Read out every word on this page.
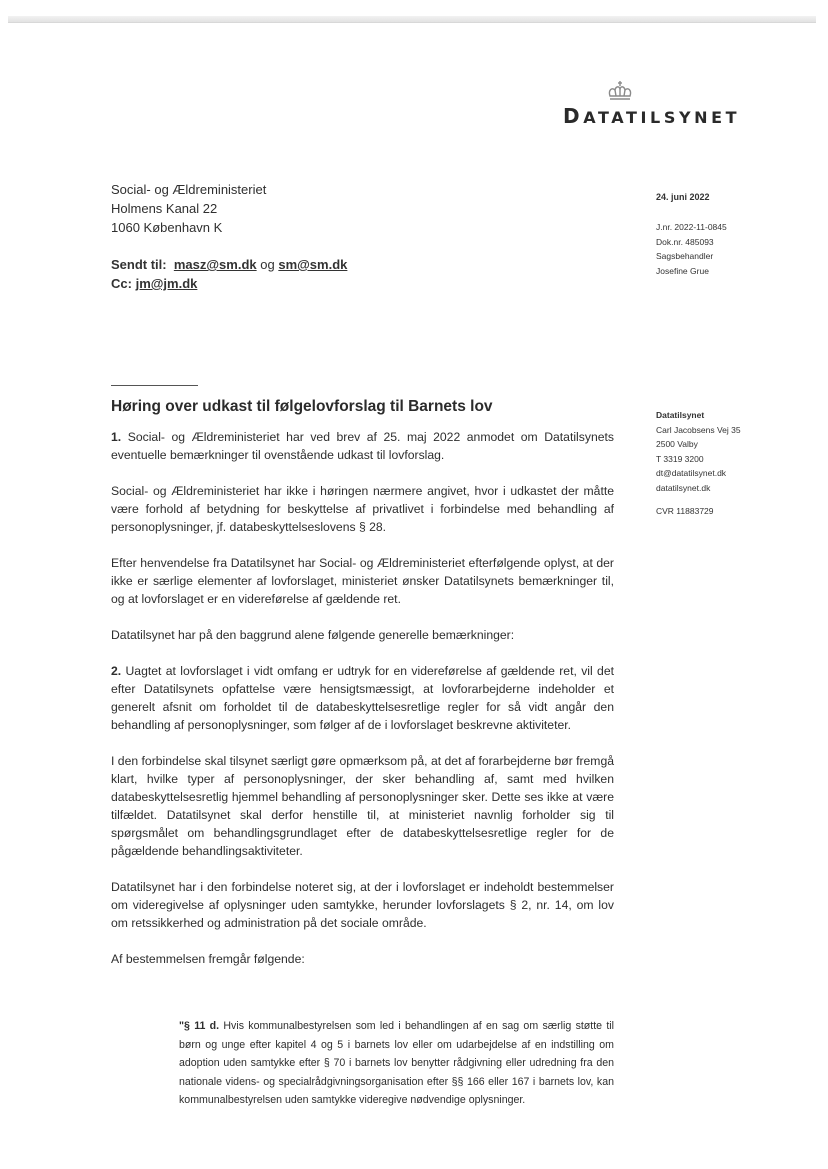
DATATILSYNET
Social- og Ældreministeriet
Holmens Kanal 22
1060 København K
Sendt til: masz@sm.dk og sm@sm.dk
Cc: jm@jm.dk
24. juni 2022
J.nr. 2022-11-0845
Dok.nr. 485093
Sagsbehandler
Josefine Grue
Datatilsynet
Carl Jacobsens Vej 35
2500 Valby
T 3319 3200
dt@datatilsynet.dk
datatilsynet.dk
CVR 11883729
Høring over udkast til følgelovforslag til Barnets lov

1. Social- og Ældreministeriet har ved brev af 25. maj 2022 anmodet om Datatilsynets eventuelle bemærkninger til ovenstående udkast til lovforslag.

Social- og Ældreministeriet har ikke i høringen nærmere angivet, hvor i udkastet der måtte være forhold af betydning for beskyttelse af privatlivet i forbindelse med behandling af personoplysninger, jf. databeskyttelseslovens § 28.

Efter henvendelse fra Datatilsynet har Social- og Ældreministeriet efterfølgende oplyst, at der ikke er særlige elementer af lovforslaget, ministeriet ønsker Datatilsynets bemærkninger til, og at lovforslaget er en videreførelse af gældende ret.

Datatilsynet har på den baggrund alene følgende generelle bemærkninger:

2. Uagtet at lovforslaget i vidt omfang er udtryk for en videreførelse af gældende ret, vil det efter Datatilsynets opfattelse være hensigtsmæssigt, at lovforarbejderne indeholder et generelt afsnit om forholdet til de databeskyttelsesretlige regler for så vidt angår den behandling af personoplysninger, som følger af de i lovforslaget beskrevne aktiviteter.

I den forbindelse skal tilsynet særligt gøre opmærksom på, at det af forarbejderne bør fremgå klart, hvilke typer af personoplysninger, der sker behandling af, samt med hvilken databeskyttelsesretlig hjemmel behandling af personoplysninger sker. Dette ses ikke at være tilfældet. Datatilsynet skal derfor henstille til, at ministeriet navnlig forholder sig til spørgsmålet om behandlingsgrundlaget efter de databeskyttelsesretlige regler for de pågældende behandlingsaktiviteter.

Datatilsynet har i den forbindelse noteret sig, at der i lovforslaget er indeholdt bestemmelser om videregivelse af oplysninger uden samtykke, herunder lovforslagets § 2, nr. 14, om lov om retssikkerhed og administration på det sociale område.

Af bestemmelsen fremgår følgende:

"§ 11 d. Hvis kommunalbestyrelsen som led i behandlingen af en sag om særlig støtte til børn og unge efter kapitel 4 og 5 i barnets lov eller om udarbejdelse af en indstilling om adoption uden samtykke efter § 70 i barnets lov benytter rådgivning eller udredning fra den nationale videns- og specialrådgivningsorganisation efter §§ 166 eller 167 i barnets lov, kan kommunalbestyrelsen uden samtykke videregive nødvendige oplysninger.
